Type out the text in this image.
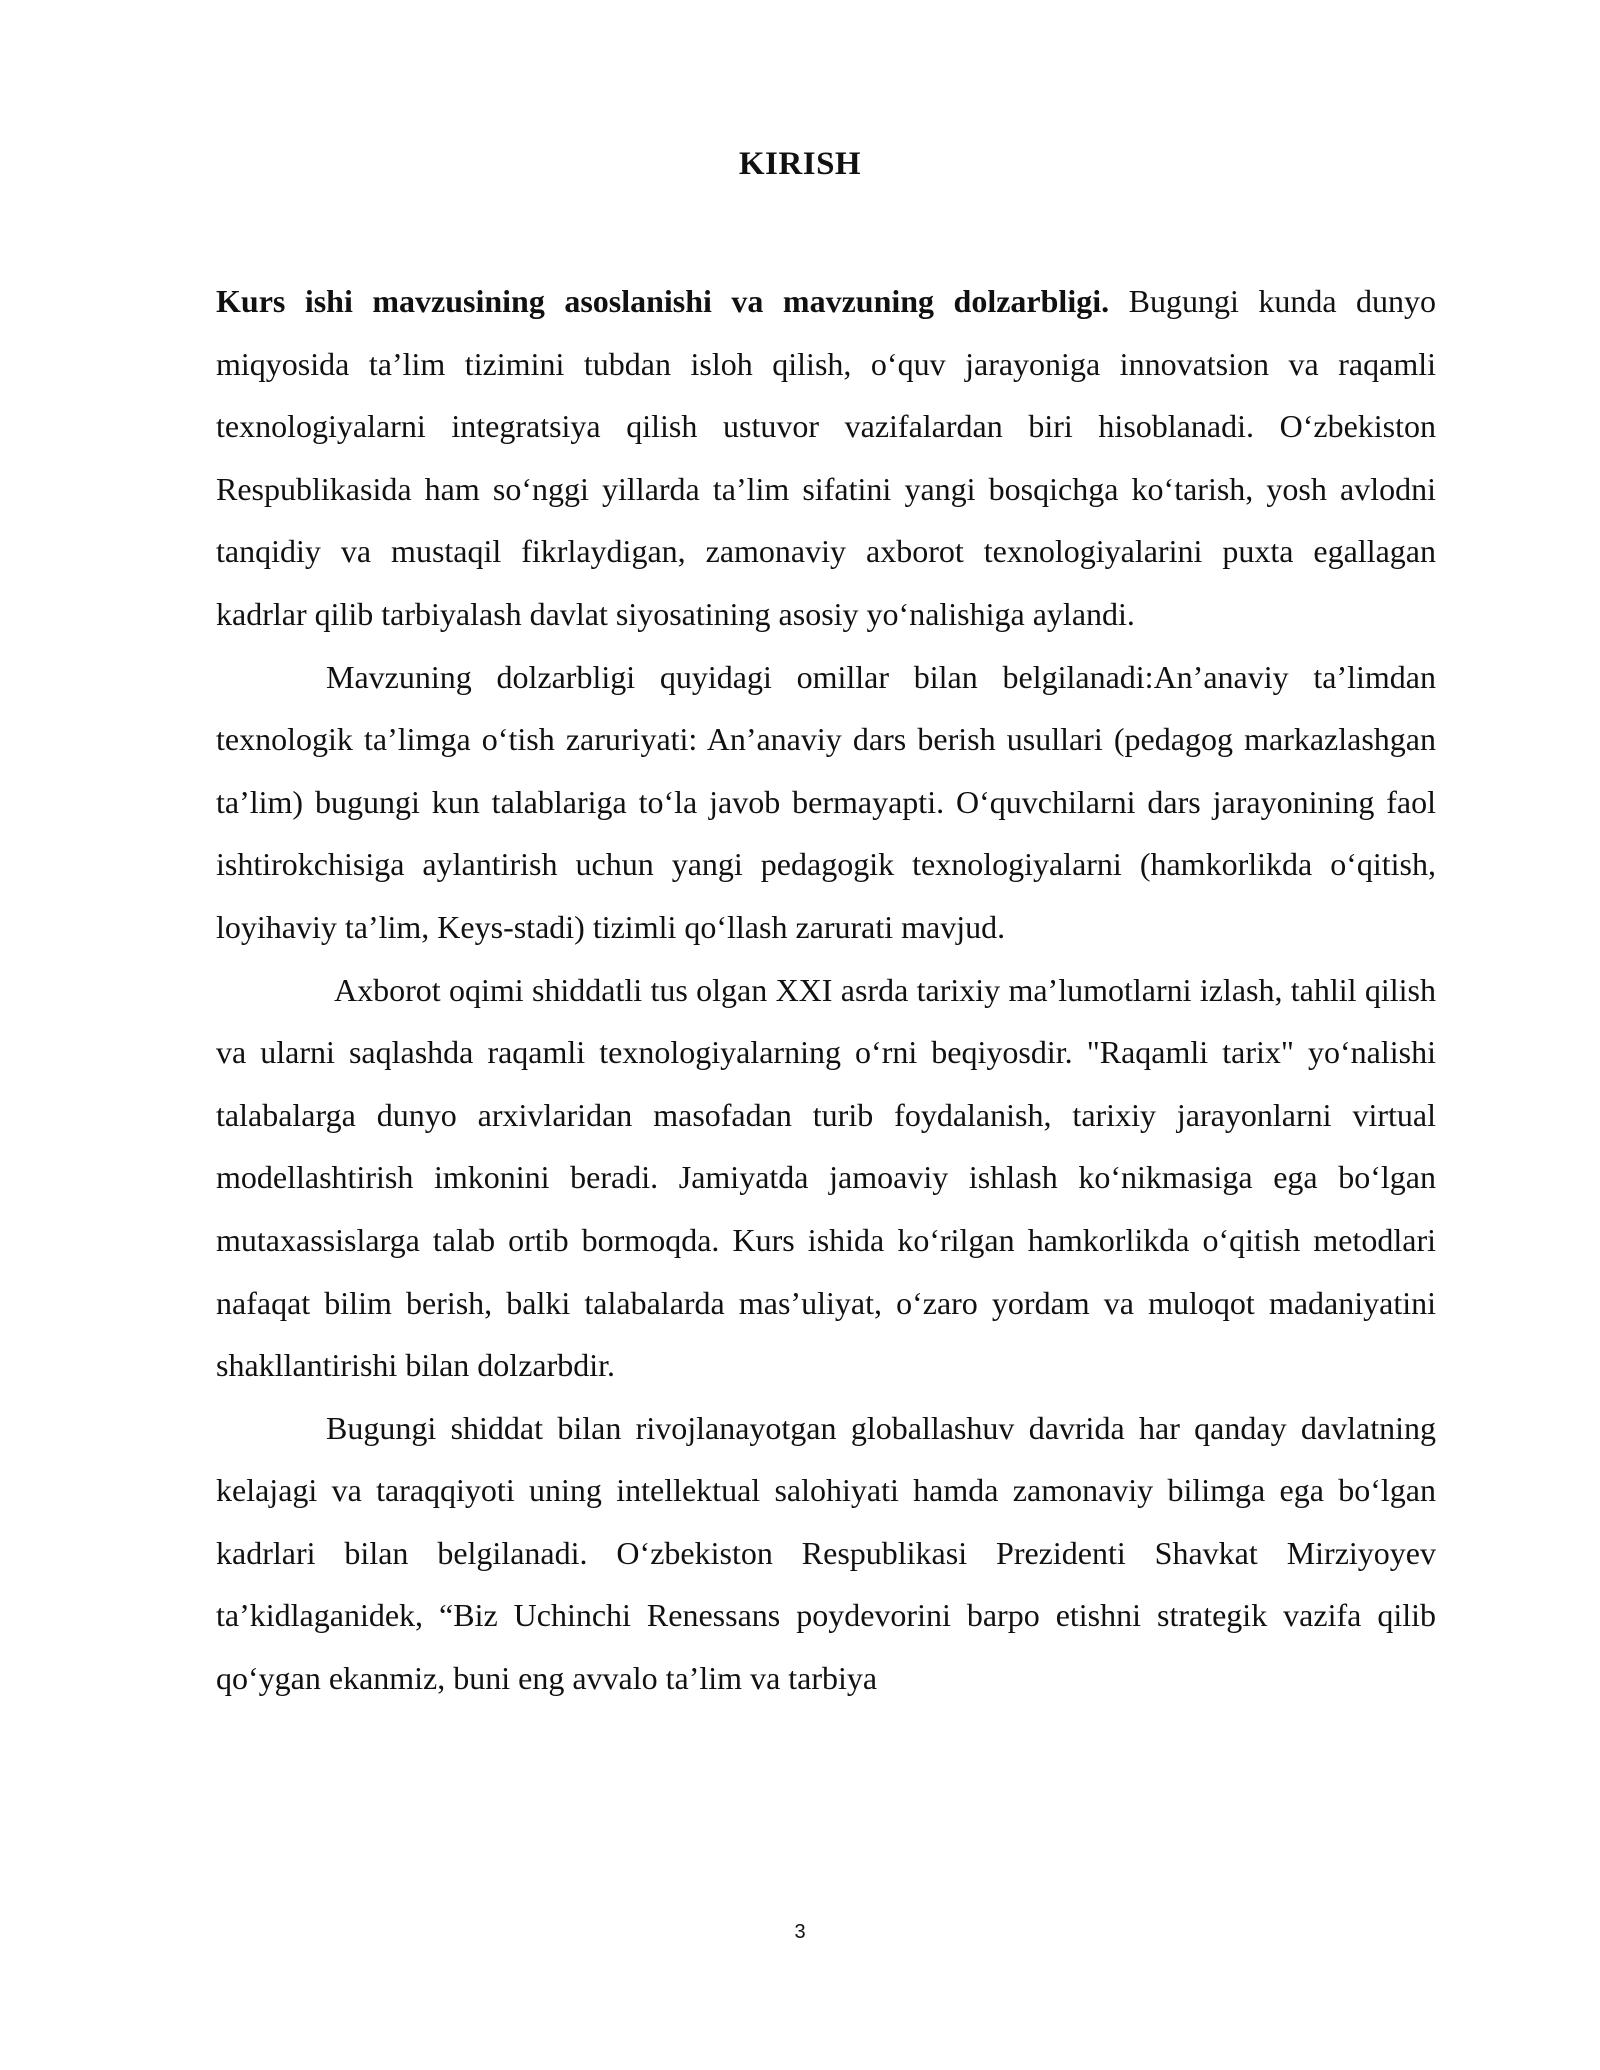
KIRISH

Kurs ishi mavzusining asoslanishi va mavzuning dolzarbligi. Bugungi kunda dunyo miqyosida ta’lim tizimini tubdan isloh qilish, o‘quv jarayoniga innovatsion va raqamli texnologiyalarni integratsiya qilish ustuvor vazifalardan biri hisoblanadi. O‘zbekiston Respublikasida ham so‘nggi yillarda ta’lim sifatini yangi bosqichga ko‘tarish, yosh avlodni tanqidiy va mustaqil fikrlaydigan, zamonaviy axborot texnologiyalarini puxta egallagan kadrlar qilib tarbiyalash davlat siyosatining asosiy yo‘nalishiga aylandi.

Mavzuning dolzarbligi quyidagi omillar bilan belgilanadi:An’anaviy ta’limdan texnologik ta’limga o‘tish zaruriyati: An’anaviy dars berish usullari (pedagog markazlashgan ta’lim) bugungi kun talablariga to‘la javob bermayapti. O‘quvchilarni dars jarayonining faol ishtirokchisiga aylantirish uchun yangi pedagogik texnologiyalarni (hamkorlikda o‘qitish, loyihaviy ta’lim, Keys-stadi) tizimli qo‘llash zarurati mavjud.

Axborot oqimi shiddatli tus olgan XXI asrda tarixiy ma’lumotlarni izlash, tahlil qilish va ularni saqlashda raqamli texnologiyalarning o‘rni beqiyosdir. "Raqamli tarix" yo‘nalishi talabalarga dunyo arxivlaridan masofadan turib foydalanish, tarixiy jarayonlarni virtual modellashtirish imkonini beradi. Jamiyatda jamoaviy ishlash ko‘nikmasiga ega bo‘lgan mutaxassislarga talab ortib bormoqda. Kurs ishida ko‘rilgan hamkorlikda o‘qitish metodlari nafaqat bilim berish, balki talabalarda mas’uliyat, o‘zaro yordam va muloqot madaniyatini shakllantirishi bilan dolzarbdir.

Bugungi shiddat bilan rivojlanayotgan globallashuv davrida har qanday davlatning kelajagi va taraqqiyoti uning intellektual salohiyati hamda zamonaviy bilimga ega bo‘lgan kadrlari bilan belgilanadi. O‘zbekiston Respublikasi Prezidenti Shavkat Mirziyoyev ta’kidlaganidek, “Biz Uchinchi Renessans poydevorini barpo etishni strategik vazifa qilib qo‘ygan ekanmiz, buni eng avvalo ta’lim va tarbiya

3
